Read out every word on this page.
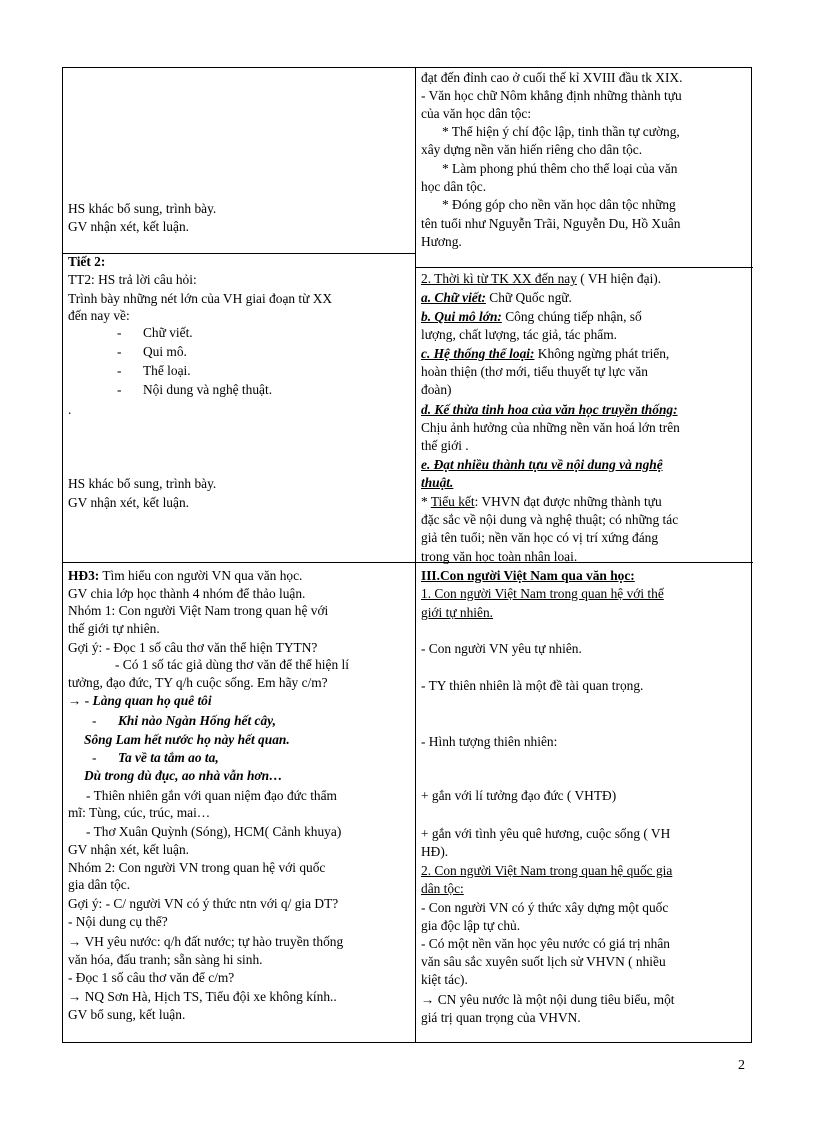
HS khác bổ sung, trình bày.
GV nhận xét, kết luận.
Tiết 2:
TT2: HS trả lời câu hỏi:
Trình bày những nét lớn của VH giai đoạn từ XX
đến nay về:
- Chữ viết.
- Qui mô.
- Thể loại.
- Nội dung và nghệ thuật.
.
HS khác bổ sung, trình bày.
GV nhận xét, kết luận.
HĐ3: Tìm hiểu con người VN qua văn học.
GV chia lớp học thành 4 nhóm để thảo luận.
Nhóm 1: Con người Việt Nam trong quan hệ với
thế giới tự nhiên.
Gợi ý: - Đọc 1 số câu thơ văn thể hiện TYTN?
- Có 1 số tác giả dùng thơ văn để thể hiện lí
tưởng, đạo đức, TY q/h cuộc sống. Em hãy c/m?
→ - Làng quan họ quê tôi
- Khi nào Ngàn Hống hết cây,
Sông Lam hết nước họ này hết quan.
- Ta về ta tắm ao ta,
Dù trong dù đục, ao nhà vẫn hơn…
- Thiên nhiên gắn với quan niệm đạo đức thẩm
mĩ: Tùng, cúc, trúc, mai…
- Thơ Xuân Quỳnh (Sóng), HCM( Cảnh khuya)
GV nhận xét, kết luận.
Nhóm 2: Con người VN trong quan hệ với quốc
gia dân tộc.
Gợi ý: - C/ người VN có ý thức ntn với q/ gia DT?
- Nội dung cụ thể?
→ VH yêu nước: q/h đất nước; tự hào truyền thống
văn hóa, đấu tranh; sẵn sàng hi sinh.
- Đọc 1 số câu thơ văn để c/m?
→ NQ Sơn Hà, Hịch TS, Tiểu đội xe không kính..
GV bổ sung, kết luận.
đạt đến đỉnh cao ở cuối thế kỉ XVIII đầu tk XIX.
- Văn học chữ Nôm khẳng định những thành tựu
của văn học dân tộc:
* Thể hiện ý chí độc lập, tinh thần tự cường,
xây dựng nền văn hiến riêng cho dân tộc.
* Làm phong phú thêm cho thể loại của văn
học dân tộc.
* Đóng góp cho nền văn học dân tộc những
tên tuổi như Nguyễn Trãi, Nguyễn Du, Hồ Xuân
Hương.
2. Thời kì từ TK XX đến nay ( VH hiện đại).
a. Chữ viết: Chữ Quốc ngữ.
b. Qui mô lớn: Công chúng tiếp nhận, số
lượng, chất lượng, tác giả, tác phẩm.
c. Hệ thống thể loại: Không ngừng phát triển,
hoàn thiện (thơ mới, tiểu thuyết tự lực văn
đoàn)
d. Kế thừa tinh hoa của văn học truyền thống:
Chịu ảnh hưởng của những nền văn hoá lớn trên
thế giới .
e. Đạt nhiều thành tựu về nội dung và nghệ
thuật.
* Tiểu kết: VHVN đạt được những thành tựu
đặc sắc về nội dung và nghệ thuật; có những tác
giả tên tuổi; nền văn học có vị trí xứng đáng
trong văn học toàn nhân loại.
III.Con người Việt Nam qua văn học:
1. Con người Việt Nam trong quan hệ với thế
giới tự nhiên.
- Con người VN yêu tự nhiên.
- TY thiên nhiên là một đề tài quan trọng.
- Hình tượng thiên nhiên:
+ gắn với lí tưởng đạo đức ( VHTĐ)
+ gắn với tình yêu quê hương, cuộc sống ( VH
HĐ).
2. Con người Việt Nam trong quan hệ quốc gia
dân tộc:
- Con người VN có ý thức xây dựng một quốc
gia độc lập tự chủ.
- Có một nền văn học yêu nước có giá trị nhân
văn sâu sắc xuyên suốt lịch sử VHVN ( nhiều
kiệt tác).
→ CN yêu nước là một nội dung tiêu biểu, một
giá trị quan trọng của VHVN.
2
